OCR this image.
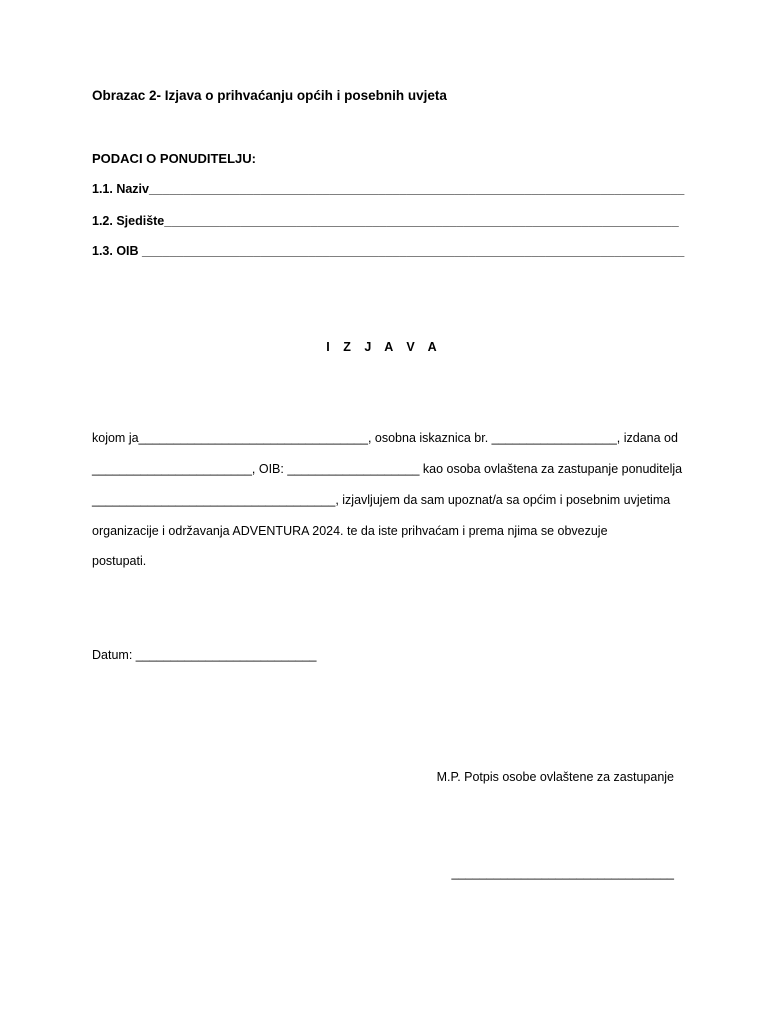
Obrazac 2- Izjava o prihvaćanju općih i posebnih uvjeta
PODACI O PONUDITELJU:
1.1. Naziv_____________________________________________________________________________
1.2. Sjedište__________________________________________________________________________
1.3. OIB ______________________________________________________________________________
I Z J A V A
kojom ja_________________________________, osobna iskaznica br. __________________, izdana od
_______________________, OIB: ___________________ kao osoba ovlaštena za zastupanje ponuditelja
___________________________________, izjavljujem da sam upoznat/a sa općim i posebnim uvjetima
organizacije i održavanja ADVENTURA 2024. te da iste prihvaćam i prema njima se obvezuje
postupati.
Datum: __________________________
M.P. Potpis osobe ovlaštene za zastupanje
________________________________
